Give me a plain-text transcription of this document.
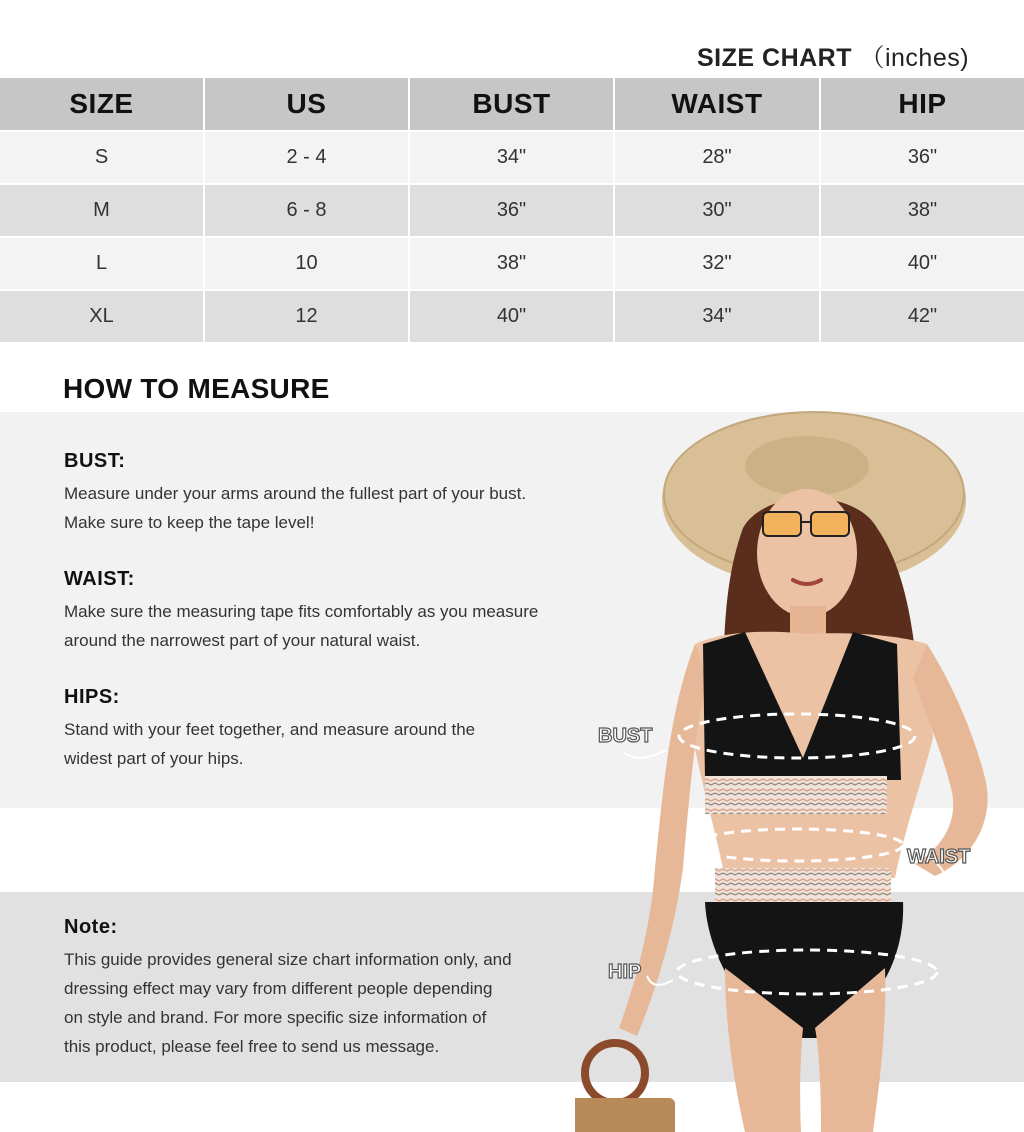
SIZE CHART （inches)
SIZE	US	BUST	WAIST	HIP
S	2 - 4	34"	28"	36"
M	6 - 8	36"	30"	38"
L	10	38"	32"	40"
XL	12	40"	34"	42"
HOW TO MEASURE

BUST:

Measure under your arms around the fullest part of your bust.
Make sure to keep the tape level!

WAIST:

Make sure the measuring tape fits comfortably as you measure
around the narrowest part of your natural waist.

HIPS:

Stand with your feet together, and measure around the
widest part of your hips.

Note:

This guide provides general size chart information only, and
dressing effect may vary from different people depending
on style and brand. For more specific size information of
this product, please feel free to send us message.

BUST
WAIST
HIP
